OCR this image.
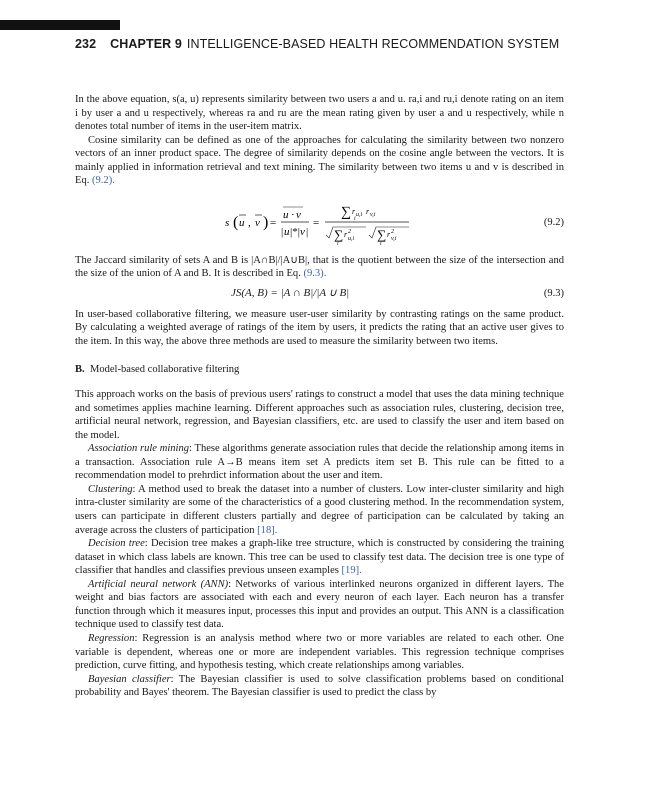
232 CHAPTER 9 INTELLIGENCE-BASED HEALTH RECOMMENDATION SYSTEM

In the above equation, s(a, u) represents similarity between two users a and u. ra,i and ru,i denote rating on an item i by user a and u respectively, whereas ra and ru are the mean rating given by user a and u respectively, while n denotes total number of items in the user-item matrix.

Cosine similarity can be defined as one of the approaches for calculating the similarity between two nonzero vectors of an inner product space. The degree of similarity depends on the cosine angle between the vectors. It is mainly applied in information retrieval and text mining. The similarity between two items u and v is described in Eq. (9.2).

s ( u , v ) =
u · v
| u |*| v |
=
∑ r u,i r v,i
i
∑ r 2
u,i
i
∑ r 2
v,i
i
(9.2)

The Jaccard similarity of sets A and B is |A∩B|/|A∪B|, that is the quotient between the size of the intersection and the size of the union of A and B. It is described in Eq. (9.3).

JS(A, B) = |A ∩ B|/|A ∪ B|	(9.3)

In user-based collaborative filtering, we measure user-user similarity by contrasting ratings on the same product. By calculating a weighted average of ratings of the item by users, it predicts the rating that an active user gives to the item. In this way, the above three methods are used to measure the similarity between two items.

B. Model-based collaborative filtering

This approach works on the basis of previous users' ratings to construct a model that uses the data mining technique and sometimes applies machine learning. Different approaches such as association rules, clustering, decision tree, artificial neural network, regression, and Bayesian classifiers, etc. are used to classify the user and item based on the model.

Association rule mining: These algorithms generate association rules that decide the relationship among items in a transaction. Association rule A→B means item set A predicts item set B. This rule can be fitted to a recommendation model to prehrdict information about the user and item.

Clustering: A method used to break the dataset into a number of clusters. Low inter-cluster similarity and high intra-cluster similarity are some of the characteristics of a good clustering method. In the recommendation system, users can participate in different clusters partially and degree of participation can be calculated by taking an average across the clusters of participation [18].

Decision tree: Decision tree makes a graph-like tree structure, which is constructed by considering the training dataset in which class labels are known. This tree can be used to classify test data. The decision tree is one type of classifier that handles and classifies previous unseen examples [19].

Artificial neural network (ANN): Networks of various interlinked neurons organized in different layers. The weight and bias factors are associated with each and every neuron of each layer. Each neuron has a transfer function through which it measures input, processes this input and provides an output. This ANN is a classification technique used to classify test data.

Regression: Regression is an analysis method where two or more variables are related to each other. One variable is dependent, whereas one or more are independent variables. This regression technique comprises prediction, curve fitting, and hypothesis testing, which create relationships among variables.

Bayesian classifier: The Bayesian classifier is used to solve classification problems based on conditional probability and Bayes' theorem. The Bayesian classifier is used to predict the class by
